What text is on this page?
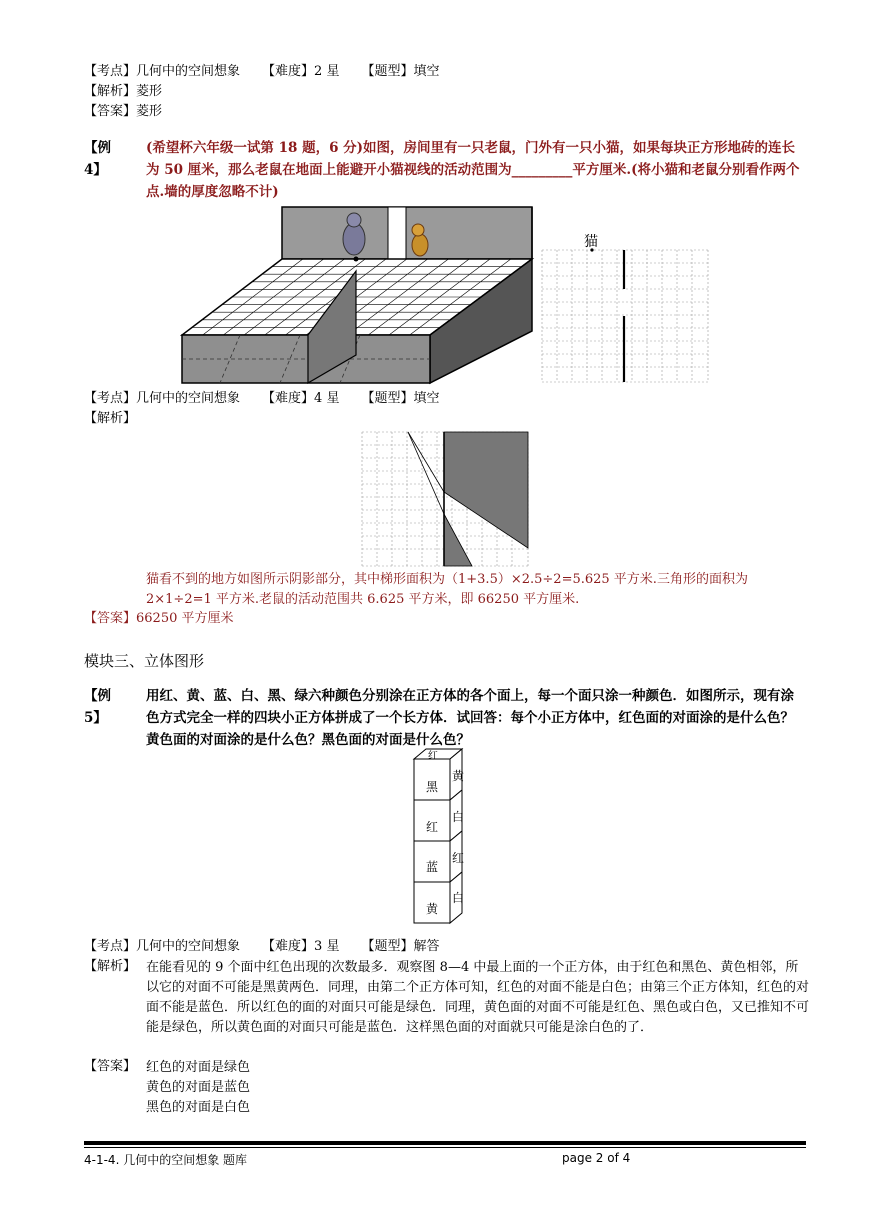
【考点】几何中的空间想象 【难度】2 星 【题型】填空
【解析】菱形
【答案】菱形
【例 4】
(希望杯六年级一试第 18 题，6 分)如图，房间里有一只老鼠，门外有一只小猫，如果每块正方形地砖的连长为 50 厘米，那么老鼠在地面上能避开小猫视线的活动范围为_________平方厘米.(将小猫和老鼠分别看作两个点.墙的厚度忽略不计)
猫
【考点】几何中的空间想象 【难度】4 星 【题型】填空
【解析】
猫看不到的地方如图所示阴影部分，其中梯形面积为（1+3.5）×2.5÷2=5.625 平方米.三角形的面积为2×1÷2=1 平方米.老鼠的活动范围共 6.625 平方米，即 66250 平方厘米.
【答案】66250 平方厘米
模块三、立体图形
【例 5】
用红、黄、蓝、白、黑、绿六种颜色分别涂在正方体的各个面上，每一个面只涂一种颜色．如图所示，现有涂色方式完全一样的四块小正方体拼成了一个长方体．试回答：每个小正方体中，红色面的对面涂的是什么色？黄色面的对面涂的是什么色？黑色面的对面是什么色？
红
黑
红
蓝
黄
黄
白
红
白
【考点】几何中的空间想象 【难度】3 星 【题型】解答
【解析】 在能看见的 9 个面中红色出现的次数最多．观察图 8—4 中最上面的一个正方体，由于红色和黑色、黄色相邻，所以它的对面不可能是黑黄两色．同理，由第二个正方体可知，红色的对面不能是白色；由第三个正方体知，红色的对面不能是蓝色．所以红色的面的对面只可能是绿色．同理，黄色面的对面不可能是红色、黑色或白色，又已推知不可能是绿色，所以黄色面的对面只可能是蓝色．这样黑色面的对面就只可能是涂白色的了．
【答案】 红色的对面是绿色
黄色的对面是蓝色
黑色的对面是白色
4-1-4. 几何中的空间想象 题库	page 2 of 4
